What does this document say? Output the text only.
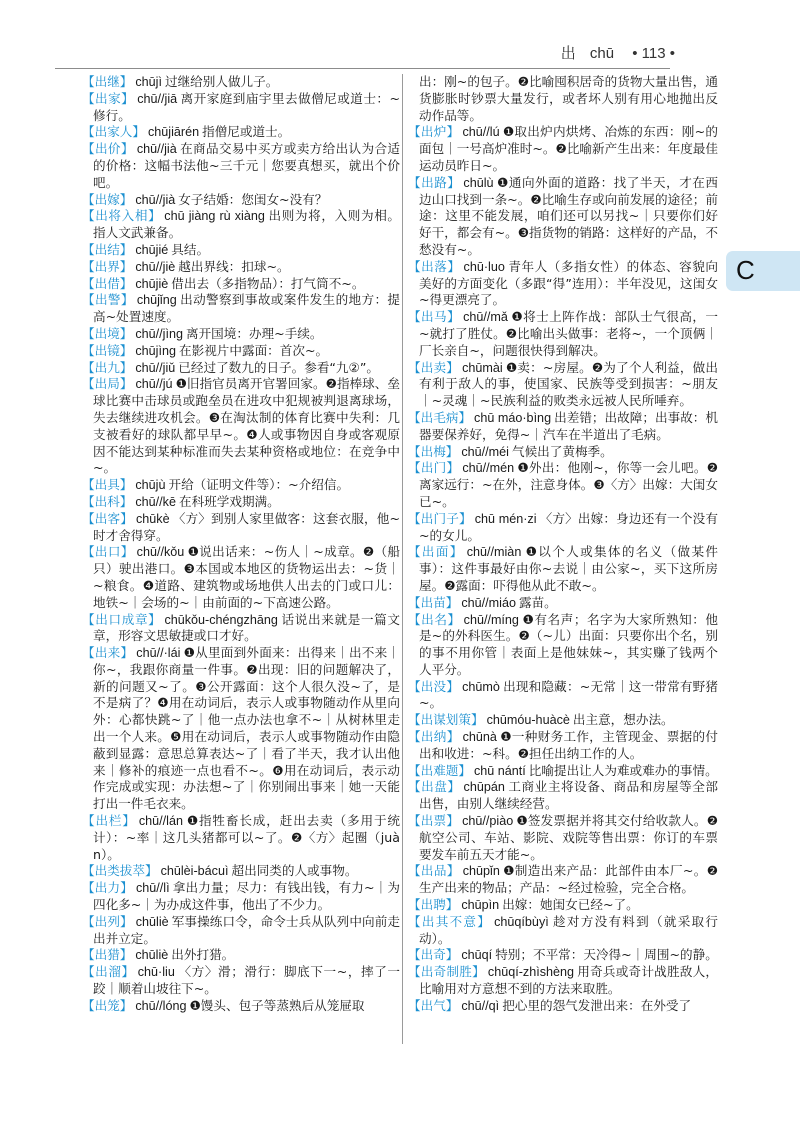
出 chū • 113 •

【出继】 chūjì 过继给别人做儿子。

【出家】 chū//jiā 离开家庭到庙宇里去做僧尼或道士：~修行。

【出家人】 chūjiārén 指僧尼或道士。

【出价】 chū//jià 在商品交易中买方或卖方给出认为合适的价格：这幅书法他~三千元｜您要真想买，就出个价吧。

【出嫁】 chū//jià 女子结婚：您闺女~没有？

【出将入相】 chū jiàng rù xiàng 出则为将，入则为相。指人文武兼备。

【出结】 chūjié 具结。

【出界】 chū//jiè 越出界线：扣球~。

【出借】 chūjiè 借出去（多指物品）：打气筒不~。

【出警】 chūjǐng 出动警察到事故或案件发生的地方：提高~处置速度。

【出境】 chū//jìng 离开国境：办理~手续。

【出镜】 chūjìng 在影视片中露面：首次~。

【出九】 chū//jiǔ 已经过了数九的日子。参看“九②”。

【出局】 chū//jú ❶旧指官员离开官署回家。❷指棒球、垒球比赛中击球员或跑垒员在进攻中犯规被判退离球场，失去继续进攻机会。❸在淘汰制的体育比赛中失利：几支被看好的球队都早早~。❹人或事物因自身或客观原因不能达到某种标准而失去某种资格或地位：在竞争中~。

【出具】 chūjù 开给（证明文件等）：~介绍信。

【出科】 chū//kē 在科班学戏期满。

【出客】 chūkè 〈方〉到别人家里做客：这套衣服，他~时才舍得穿。

【出口】 chū//kǒu ❶说出话来：~伤人｜~成章。❷（船只）驶出港口。❸本国或本地区的货物运出去：~货｜~粮食。❹道路、建筑物或场地供人出去的门或口儿：地铁~｜会场的~｜由前面的~下高速公路。

【出口成章】 chūkǒu-chéngzhāng 话说出来就是一篇文章，形容文思敏捷或口才好。

【出来】 chū//·lái ❶从里面到外面来：出得来｜出不来｜你~，我跟你商量一件事。❷出现：旧的问题解决了，新的问题又~了。❸公开露面：这个人很久没~了，是不是病了？❹用在动词后，表示人或事物随动作从里向外：心都快跳~了｜他一点办法也拿不~｜从树林里走出一个人来。❺用在动词后，表示人或事物随动作由隐蔽到显露：意思总算表达~了｜看了半天，我才认出他来｜修补的痕迹一点也看不~。❻用在动词后，表示动作完成或实现：办法想~了｜你别闹出事来｜她一天能打出一件毛衣来。

【出栏】 chū//lán ❶指牲畜长成，赶出去卖（多用于统计）：~率｜这几头猪都可以~了。❷〈方〉起圈（juàn）。

【出类拔萃】 chūlèi-bácuì 超出同类的人或事物。

【出力】 chū//lì 拿出力量；尽力：有钱出钱，有力~｜为四化多~｜为办成这件事，他出了不少力。

【出列】 chūliè 军事操练口令，命令士兵从队列中向前走出并立定。

【出猎】 chūliè 出外打猎。

【出溜】 chū·liu 〈方〉滑；滑行：脚底下一~，摔了一跤｜顺着山坡往下~。

【出笼】 chū//lóng ❶馒头、包子等蒸熟后从笼屉取

出：刚~的包子。❷比喻囤积居奇的货物大量出售，通货膨胀时钞票大量发行，或者坏人别有用心地抛出反动作品等。

【出炉】 chū//lú ❶取出炉内烘烤、冶炼的东西：刚~的面包｜一号高炉准时~。❷比喻新产生出来：年度最佳运动员昨日~。

【出路】 chūlù ❶通向外面的道路：找了半天，才在西边山口找到一条~。❷比喻生存或向前发展的途径；前途：这里不能发展，咱们还可以另找~｜只要你们好好干，都会有~。❸指货物的销路：这样好的产品，不愁没有~。

【出落】 chū·luo 青年人（多指女性）的体态、容貌向美好的方面变化（多跟“得”连用）：半年没见，这闺女~得更漂亮了。

【出马】 chū//mǎ ❶将士上阵作战：部队士气很高，一~就打了胜仗。❷比喻出头做事：老将~，一个顶俩｜厂长亲自~，问题很快得到解决。

【出卖】 chūmài ❶卖：~房屋。❷为了个人利益，做出有利于敌人的事，使国家、民族等受到损害：~朋友｜~灵魂｜~民族利益的败类永远被人民所唾弃。

【出毛病】 chū máo·bìng 出差错；出故障；出事故：机器要保养好，免得~｜汽车在半道出了毛病。

【出梅】 chū//méi 气候出了黄梅季。

【出门】 chū//mén ❶外出：他刚~，你等一会儿吧。❷离家远行：~在外，注意身体。❸〈方〉出嫁：大闺女已~。

【出门子】 chū mén·zi 〈方〉出嫁：身边还有一个没有~的女儿。

【出面】 chū//miàn ❶以个人或集体的名义（做某件事）：这件事最好由你~去说｜由公家~，买下这所房屋。❷露面：吓得他从此不敢~。

【出苗】 chū//miáo 露苗。

【出名】 chū//míng ❶有名声；名字为大家所熟知：他是~的外科医生。❷（~儿）出面：只要你出个名，别的事不用你管｜表面上是他妹妹~，其实赚了钱两个人平分。

【出没】 chūmò 出现和隐藏：~无常｜这一带常有野猪~。

【出谋划策】 chūmóu-huàcè 出主意，想办法。

【出纳】 chūnà ❶一种财务工作，主管现金、票据的付出和收进：~科。❷担任出纳工作的人。

【出难题】 chū nántí 比喻提出让人为难或难办的事情。

【出盘】 chūpán 工商业主将设备、商品和房屋等全部出售，由别人继续经营。

【出票】 chū//piào ❶签发票据并将其交付给收款人。❷航空公司、车站、影院、戏院等售出票：你订的车票要发车前五天才能~。

【出品】 chūpǐn ❶制造出来产品：此部件由本厂~。❷生产出来的物品；产品：~经过检验，完全合格。

【出聘】 chūpìn 出嫁：她闺女已经~了。

【出其不意】 chūqíbùyì 趁对方没有料到（就采取行动）。

【出奇】 chūqí 特别；不平常：天冷得~｜周围~的静。

【出奇制胜】 chūqí-zhìshèng 用奇兵或奇计战胜敌人，比喻用对方意想不到的方法来取胜。

【出气】 chū//qì 把心里的怨气发泄出来：在外受了

C
